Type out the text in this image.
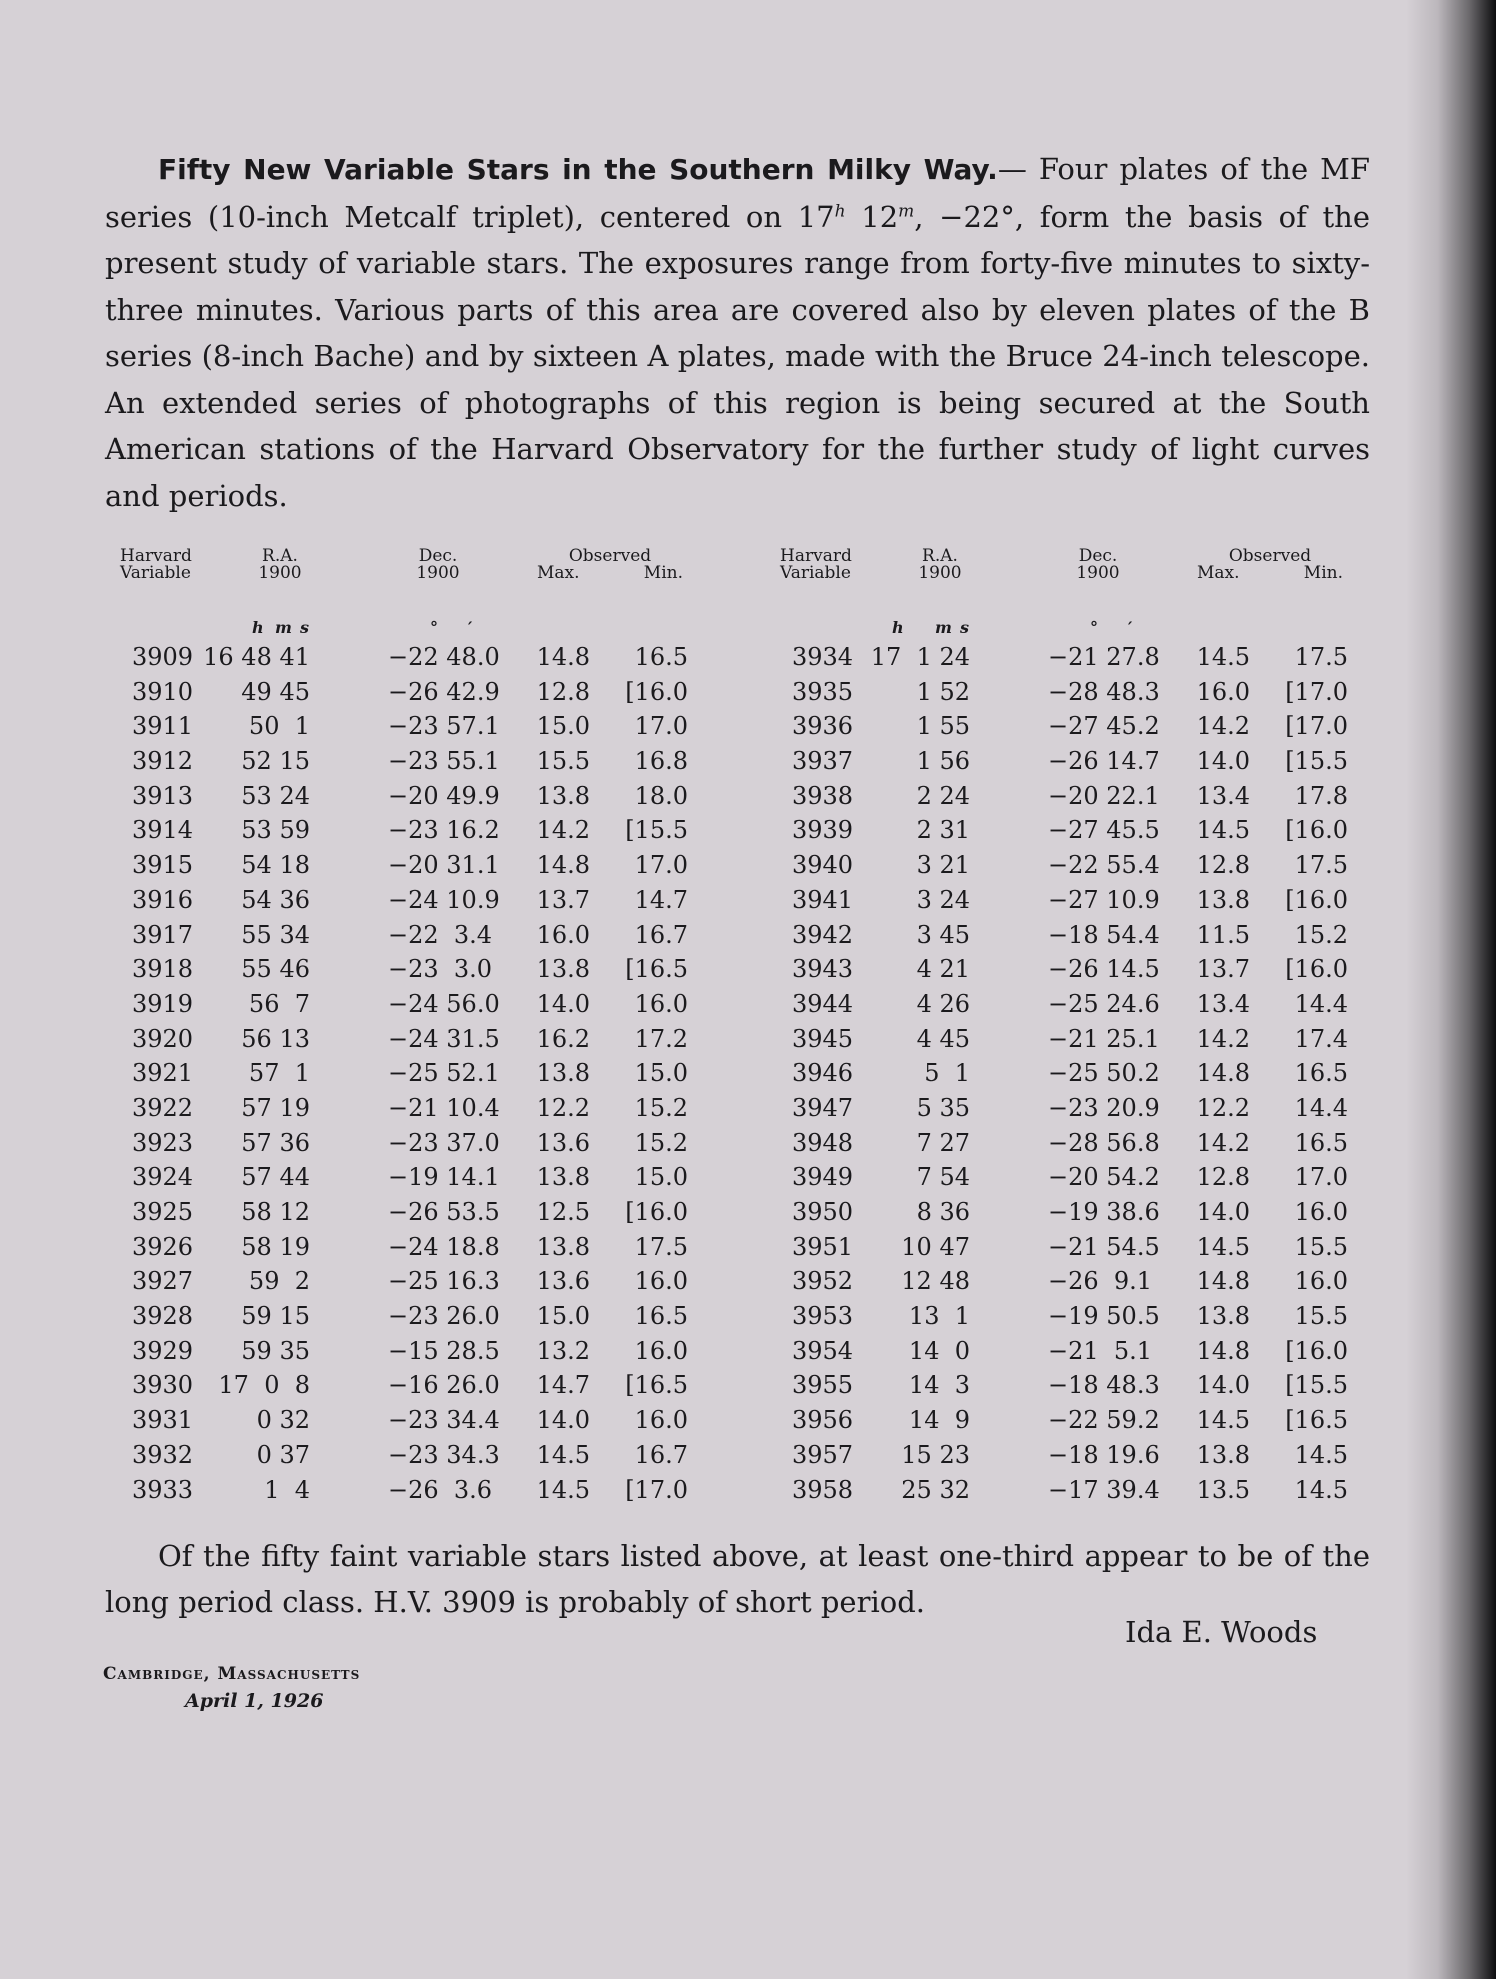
Fifty New Variable Stars in the Southern Milky Way.— Four plates of the MF series (10-inch Metcalf triplet), centered on 17$^h$ $12^m$, −22°, form the basis of the present study of variable stars. The exposures range from forty-five minutes to sixty-three minutes. Various parts of this area are covered also by eleven plates of the B series (8-inch Bache) and by sixteen A plates, made with the Bruce 24-inch telescope. An extended series of photographs of this region is being secured at the South American stations of the Harvard Observatory for the further study of light curves and periods.

Harvard Variable
R.A. 1900
Dec. 1900
Observed
Max.	Min.
h m s	° ′
3909 16 48 41	−22 48.0 14.8	16.5
3910	49 45	−26 42.9 12.8	[16.0
3911	50  1	−23 57.1 15.0	17.0
3912	52 15	−23 55.1 15.5	16.8
3913	53 24	−20 49.9 13.8	18.0
3914	53 59	−23 16.2 14.2	[15.5
3915	54 18	−20 31.1 14.8	17.0
3916	54 36	−24 10.9 13.7	14.7
3917	55 34	−22  3.4 16.0	16.7
3918	55 46	−23  3.0 13.8	[16.5
3919	56  7	−24 56.0 14.0	16.0
3920	56 13	−24 31.5 16.2	17.2
3921	57  1	−25 52.1 13.8	15.0
3922	57 19	−21 10.4 12.2	15.2
3923	57 36	−23 37.0 13.6	15.2
3924	57 44	−19 14.1 13.8	15.0
3925	58 12	−26 53.5 12.5	[16.0
3926	58 19	−24 18.8 13.8	17.5
3927	59  2	−25 16.3 13.6	16.0
3928	59 15	−23 26.0 15.0	16.5
3929	59 35	−15 28.5 13.2	16.0
3930	17  0  8	−16 26.0 14.7	[16.5
3931	0 32	−23 34.4 14.0	16.0
3932	0 37	−23 34.3 14.5	16.7
3933	1  4	−26  3.6 14.5	[17.0
Harvard Variable
R.A. 1900
Dec. 1900
Observed
Max.	Min.
h m s	° ′
3934 17  1 24	−21 27.8 14.5	17.5
3935	1 52	−28 48.3 16.0	[17.0
3936	1 55	−27 45.2 14.2	[17.0
3937	1 56	−26 14.7 14.0	[15.5
3938	2 24	−20 22.1 13.4	17.8
3939	2 31	−27 45.5 14.5	[16.0
3940	3 21	−22 55.4 12.8	17.5
3941	3 24	−27 10.9 13.8	[16.0
3942	3 45	−18 54.4 11.5	15.2
3943	4 21	−26 14.5 13.7	[16.0
3944	4 26	−25 24.6 13.4	14.4
3945	4 45	−21 25.1 14.2	17.4
3946	5  1	−25 50.2 14.8	16.5
3947	5 35	−23 20.9 12.2	14.4
3948	7 27	−28 56.8 14.2	16.5
3949	7 54	−20 54.2 12.8	17.0
3950	8 36	−19 38.6 14.0	16.0
3951	10 47	−21 54.5 14.5	15.5
3952	12 48	−26  9.1 14.8	16.0
3953	13  1	−19 50.5 13.8	15.5
3954	14  0	−21  5.1 14.8	[16.0
3955	14  3	−18 48.3 14.0	[15.5
3956	14  9	−22 59.2 14.5	[16.5
3957	15 23	−18 19.6 13.8	14.5
3958	25 32	−17 39.4 13.5	14.5

Of the fifty faint variable stars listed above, at least one-third appear to be of the long period class. H.V. 3909 is probably of short period.

Ida E. Woods
Cambridge, Massachusetts
April 1, 1926
